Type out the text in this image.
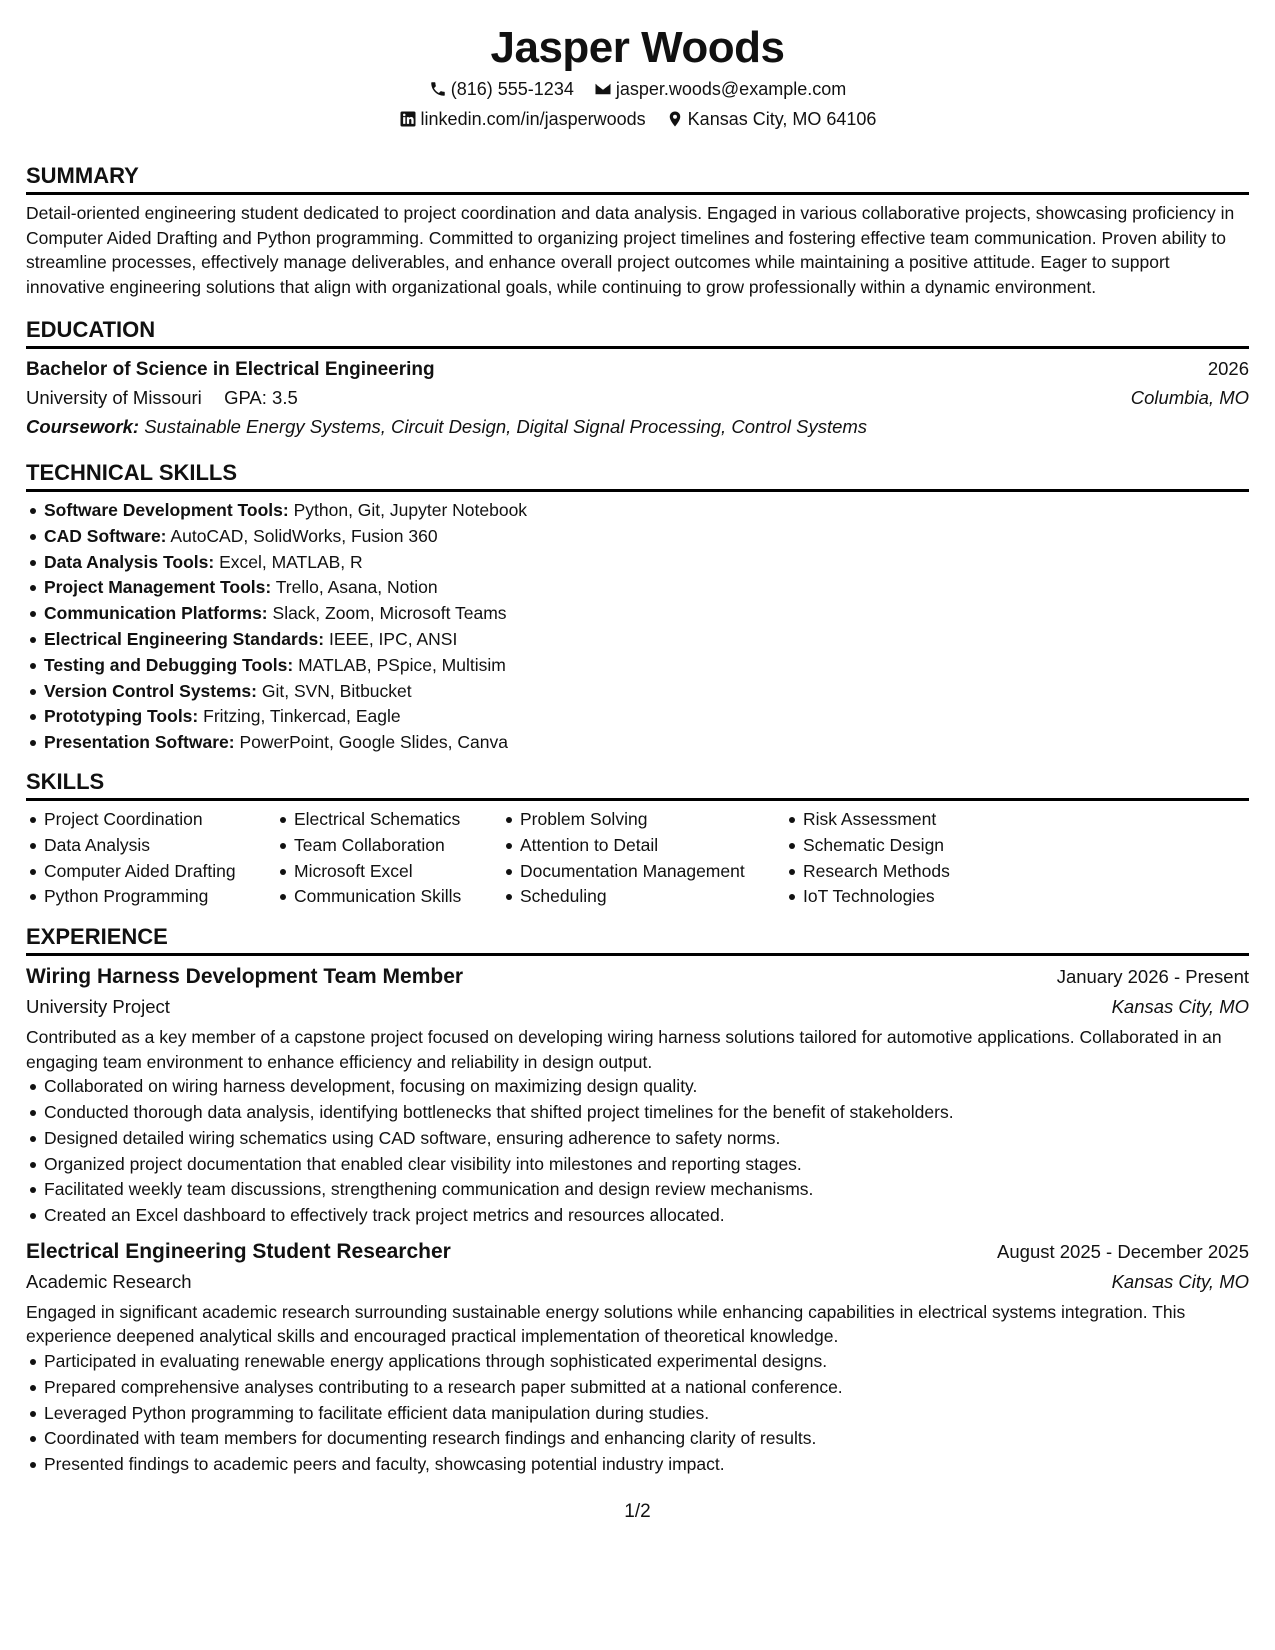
Jasper Woods
(816) 555-1234 jasper.woods@example.com
linkedin.com/in/jasperwoods Kansas City, MO 64106
SUMMARY

Detail-oriented engineering student dedicated to project coordination and data analysis. Engaged in various collaborative projects, showcasing proficiency in Computer Aided Drafting and Python programming. Committed to organizing project timelines and fostering effective team communication. Proven ability to streamline processes, effectively manage deliverables, and enhance overall project outcomes while maintaining a positive attitude. Eager to support innovative engineering solutions that align with organizational goals, while continuing to grow professionally within a dynamic environment.

EDUCATION
Bachelor of Science in Electrical Engineering	2026
University of Missouri GPA: 3.5	Columbia, MO
Coursework: Sustainable Energy Systems, Circuit Design, Digital Signal Processing, Control Systems
TECHNICAL SKILLS
Software Development Tools: Python, Git, Jupyter Notebook
CAD Software: AutoCAD, SolidWorks, Fusion 360
Data Analysis Tools: Excel, MATLAB, R
Project Management Tools: Trello, Asana, Notion
Communication Platforms: Slack, Zoom, Microsoft Teams
Electrical Engineering Standards: IEEE, IPC, ANSI
Testing and Debugging Tools: MATLAB, PSpice, Multisim
Version Control Systems: Git, SVN, Bitbucket
Prototyping Tools: Fritzing, Tinkercad, Eagle
Presentation Software: PowerPoint, Google Slides, Canva
SKILLS
Project Coordination
Data Analysis
Computer Aided Drafting
Python Programming
Electrical Schematics
Team Collaboration
Microsoft Excel
Communication Skills
Problem Solving
Attention to Detail
Documentation Management
Scheduling
Risk Assessment
Schematic Design
Research Methods
IoT Technologies
EXPERIENCE
Wiring Harness Development Team Member	January 2026 - Present
University Project	Kansas City, MO

Contributed as a key member of a capstone project focused on developing wiring harness solutions tailored for automotive applications. Collaborated in an engaging team environment to enhance efficiency and reliability in design output.

Collaborated on wiring harness development, focusing on maximizing design quality.
Conducted thorough data analysis, identifying bottlenecks that shifted project timelines for the benefit of stakeholders.
Designed detailed wiring schematics using CAD software, ensuring adherence to safety norms.
Organized project documentation that enabled clear visibility into milestones and reporting stages.
Facilitated weekly team discussions, strengthening communication and design review mechanisms.
Created an Excel dashboard to effectively track project metrics and resources allocated.
Electrical Engineering Student Researcher	August 2025 - December 2025
Academic Research	Kansas City, MO

Engaged in significant academic research surrounding sustainable energy solutions while enhancing capabilities in electrical systems integration. This experience deepened analytical skills and encouraged practical implementation of theoretical knowledge.

Participated in evaluating renewable energy applications through sophisticated experimental designs.
Prepared comprehensive analyses contributing to a research paper submitted at a national conference.
Leveraged Python programming to facilitate efficient data manipulation during studies.
Coordinated with team members for documenting research findings and enhancing clarity of results.
Presented findings to academic peers and faculty, showcasing potential industry impact.
1/2
